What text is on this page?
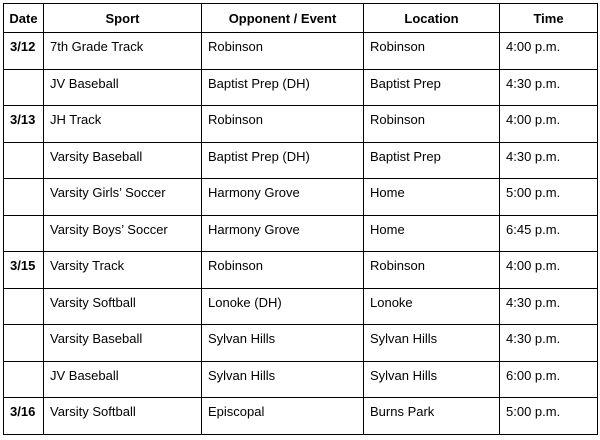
Date	Sport	Opponent / Event	Location	Time
3/12	7th Grade Track	Robinson	Robinson	4:00 p.m.
	JV Baseball	Baptist Prep (DH)	Baptist Prep	4:30 p.m.
3/13	JH Track	Robinson	Robinson	4:00 p.m.
	Varsity Baseball	Baptist Prep (DH)	Baptist Prep	4:30 p.m.
	Varsity Girls’ Soccer	Harmony Grove	Home	5:00 p.m.
	Varsity Boys’ Soccer	Harmony Grove	Home	6:45 p.m.
3/15	Varsity Track	Robinson	Robinson	4:00 p.m.
	Varsity Softball	Lonoke (DH)	Lonoke	4:30 p.m.
	Varsity Baseball	Sylvan Hills	Sylvan Hills	4:30 p.m.
	JV Baseball	Sylvan Hills	Sylvan Hills	6:00 p.m.
3/16	Varsity Softball	Episcopal	Burns Park	5:00 p.m.
